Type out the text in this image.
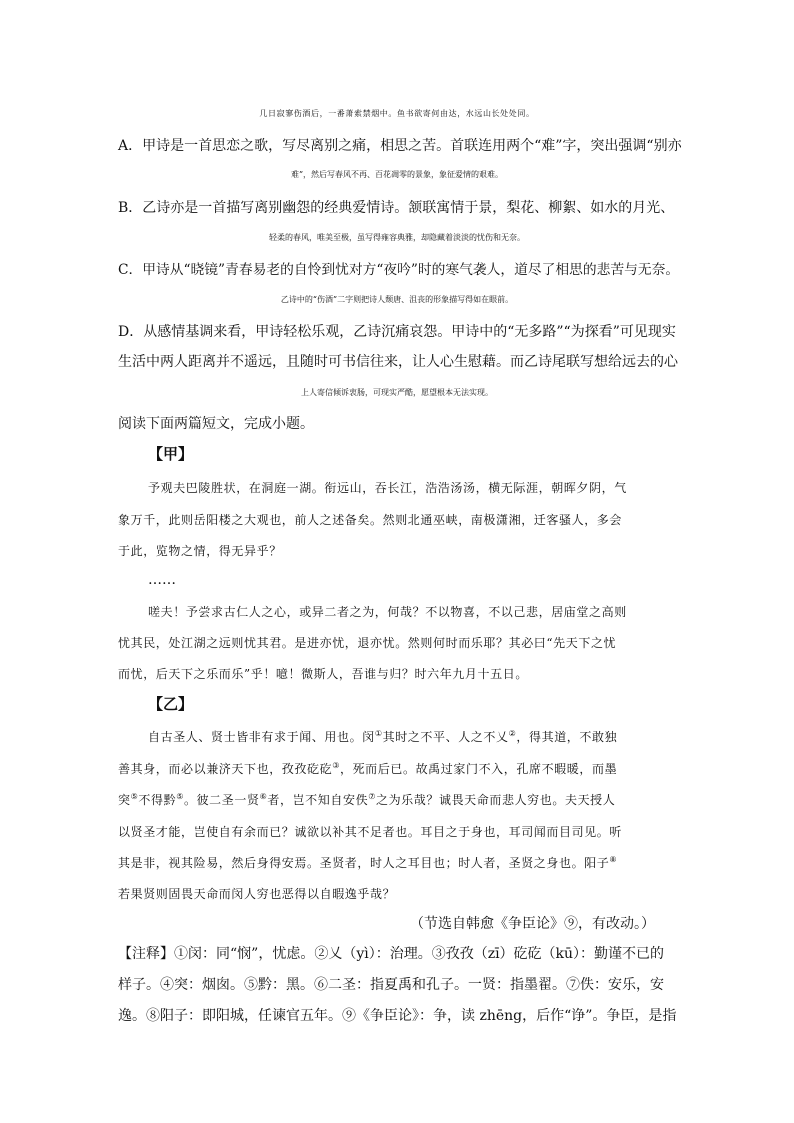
几日寂寥伤酒后，一番萧索禁烟中。鱼书欲寄何由达，水远山长处处同。
A．甲诗是一首思恋之歌，写尽离别之痛，相思之苦。首联连用两个“难”字，突出强调“别亦
难”，然后写春风不再、百花凋零的景象，象征爱情的艰难。
B．乙诗亦是一首描写离别幽怨的经典爱情诗。颔联寓情于景，梨花、柳絮、如水的月光、
轻柔的春风，唯美至极，虽写得雍容典雅，却隐藏着淡淡的忧伤和无奈。
C．甲诗从“晓镜”青春易老的自怜到忧对方“夜吟”时的寒气袭人，道尽了相思的悲苦与无奈。
乙诗中的“伤酒”二字则把诗人颓唐、沮丧的形象描写得如在眼前。
D．从感情基调来看，甲诗轻松乐观，乙诗沉痛哀怨。甲诗中的“无多路”“为探看”可见现实
生活中两人距离并不遥远，且随时可书信往来，让人心生慰藉。而乙诗尾联写想给远去的心
上人寄信倾诉衷肠，可现实严酷，愿望根本无法实现。
阅读下面两篇短文，完成小题。
【甲】
予观夫巴陵胜状，在洞庭一湖。衔远山，吞长江，浩浩汤汤，横无际涯，朝晖夕阴，气
象万千，此则岳阳楼之大观也，前人之述备矣。然则北通巫峡，南极潇湘，迁客骚人，多会
于此，览物之情，得无异乎？
……
嗟夫！予尝求古仁人之心，或异二者之为，何哉？不以物喜，不以己悲，居庙堂之高则
忧其民，处江湖之远则忧其君。是进亦忧，退亦忧。然则何时而乐耶？其必曰“先天下之忧
而忧，后天下之乐而乐”乎！噫！微斯人，吾谁与归？时六年九月十五日。
【乙】
自古圣人、贤士皆非有求于闻、用也。闵①其时之不平、人之不乂②，得其道，不敢独
善其身，而必以兼济天下也，孜孜矻矻③，死而后已。故禹过家门不入，孔席不暇暖，而墨
突⑤不得黔⑤。彼二圣一贤⑥者，岂不知自安佚⑦之为乐哉？诚畏天命而悲人穷也。夫天授人
以贤圣才能，岂使自有余而已？诚欲以补其不足者也。耳目之于身也，耳司闻而目司见。听
其是非，视其险易，然后身得安焉。圣贤者，时人之耳目也；时人者，圣贤之身也。阳子⑧
若果贤则固畏天命而闵人穷也恶得以自暇逸乎哉？
（节选自韩愈《争臣论》⑨，有改动。）
【注释】①闵：同“悯”，忧虑。②乂（yì）：治理。③孜孜（zī）矻矻（kū）：勤谨不已的
样子。④突：烟囱。⑤黔：黑。⑥二圣：指夏禹和孔子。一贤：指墨翟。⑦佚：安乐，安
逸。⑧阳子：即阳城，任谏官五年。⑨《争臣论》：争，读 zhēng，后作“诤”。争臣，是指
